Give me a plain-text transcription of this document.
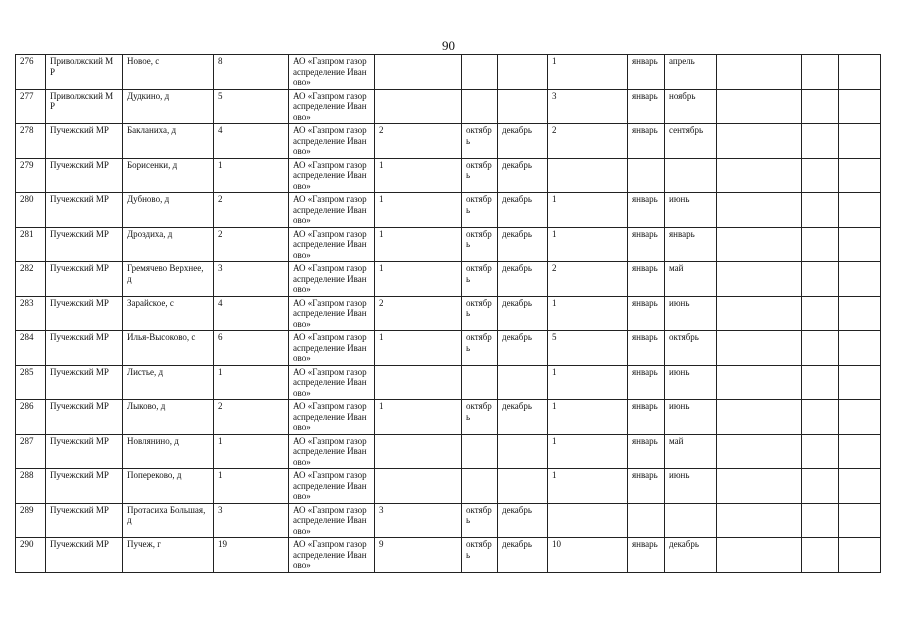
90
276	Приволжский МР	Новое, с	8	АО «Газпром газораспределение Иваново»				1	январь	апрель			
277	Приволжский МР	Дудкино, д	5	АО «Газпром газораспределение Иваново»				3	январь	ноябрь			
278	Пучежский МР	Бакланиха, д	4	АО «Газпром газораспределение Иваново»	2	октябрь	декабрь	2	январь	сентябрь			
279	Пучежский МР	Борисенки, д	1	АО «Газпром газораспределение Иваново»	1	октябрь	декабрь						
280	Пучежский МР	Дубново, д	2	АО «Газпром газораспределение Иваново»	1	октябрь	декабрь	1	январь	июнь			
281	Пучежский МР	Дроздиха, д	2	АО «Газпром газораспределение Иваново»	1	октябрь	декабрь	1	январь	январь			
282	Пучежский МР	Гремячево Верхнее, д	3	АО «Газпром газораспределение Иваново»	1	октябрь	декабрь	2	январь	май			
283	Пучежский МР	Зарайское, с	4	АО «Газпром газораспределение Иваново»	2	октябрь	декабрь	1	январь	июнь			
284	Пучежский МР	Илья-Высоково, с	6	АО «Газпром газораспределение Иваново»	1	октябрь	декабрь	5	январь	октябрь			
285	Пучежский МР	Листье, д	1	АО «Газпром газораспределение Иваново»				1	январь	июнь			
286	Пучежский МР	Лыково, д	2	АО «Газпром газораспределение Иваново»	1	октябрь	декабрь	1	январь	июнь			
287	Пучежский МР	Новлянино, д	1	АО «Газпром газораспределение Иваново»				1	январь	май			
288	Пучежский МР	Попереково, д	1	АО «Газпром газораспределение Иваново»				1	январь	июнь			
289	Пучежский МР	Протасиха Большая, д	3	АО «Газпром газораспределение Иваново»	3	октябрь	декабрь						
290	Пучежский МР	Пучеж, г	19	АО «Газпром газораспределение Иваново»	9	октябрь	декабрь	10	январь	декабрь			
